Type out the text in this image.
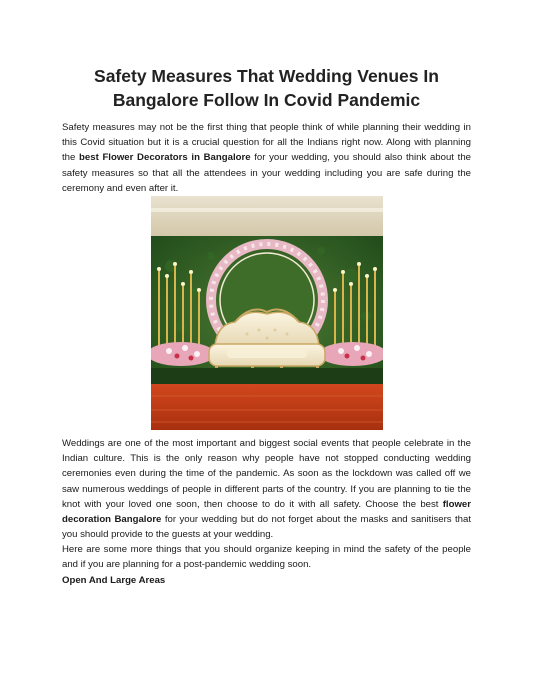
Safety Measures That Wedding Venues In
Bangalore Follow In Covid Pandemic

Safety measures may not be the first thing that people think of while planning their wedding in this Covid situation but it is a crucial question for all the Indians right now. Along with planning the best Flower Decorators in Bangalore for your wedding, you should also think about the safety measures so that all the attendees in your wedding including you are safe during the ceremony and even after it.

Weddings are one of the most important and biggest social events that people celebrate in the Indian culture. This is the only reason why people have not stopped conducting wedding ceremonies even during the time of the pandemic. As soon as the lockdown was called off we saw numerous weddings of people in different parts of the country. If you are planning to tie the knot with your loved one soon, then choose to do it with all safety. Choose the best flower decoration Bangalore for your wedding but do not forget about the masks and sanitisers that you should provide to the guests at your wedding.

Here are some more things that you should organize keeping in mind the safety of the people and if you are planning for a post-pandemic wedding soon.

Open And Large Areas
